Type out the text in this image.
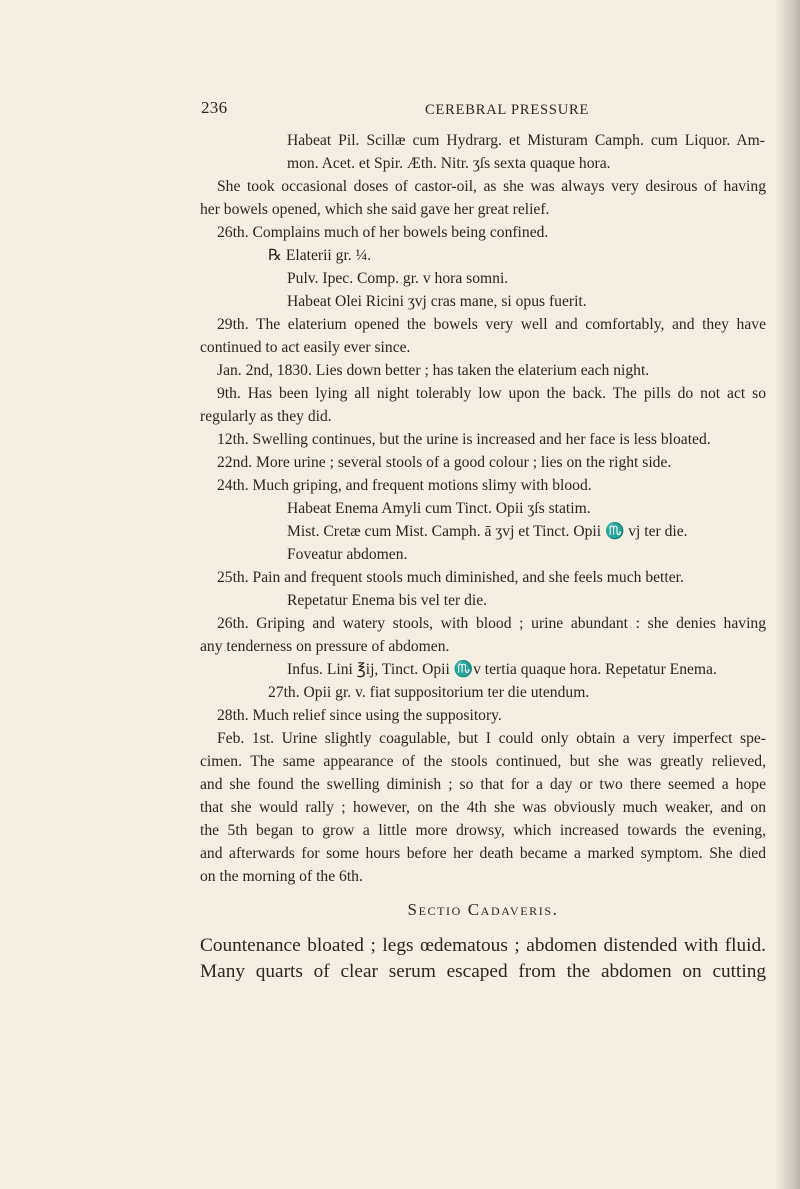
236	CEREBRAL PRESSURE
Habeat Pil. Scillæ cum Hydrarg. et Misturam Camph. cum Liquor. Am-
mon. Acet. et Spir. Æth. Nitr. ʒſs sexta quaque hora.
She took occasional doses of castor-oil, as she was always very desirous of having
her bowels opened, which she said gave her great relief.
26th. Complains much of her bowels being confined.
℞ Elaterii gr. ¼.
Pulv. Ipec. Comp. gr. v hora somni.
Habeat Olei Ricini ʒvj cras mane, si opus fuerit.
29th. The elaterium opened the bowels very well and comfortably, and they have
continued to act easily ever since.
Jan. 2nd, 1830. Lies down better ; has taken the elaterium each night.
9th. Has been lying all night tolerably low upon the back. The pills do not act so
regularly as they did.
12th. Swelling continues, but the urine is increased and her face is less bloated.
22nd. More urine ; several stools of a good colour ; lies on the right side.
24th. Much griping, and frequent motions slimy with blood.
Habeat Enema Amyli cum Tinct. Opii ʒſs statim.
Mist. Cretæ cum Mist. Camph. ā ʒvj et Tinct. Opii ♏ vj ter die.
Foveatur abdomen.
25th. Pain and frequent stools much diminished, and she feels much better.
Repetatur Enema bis vel ter die.
26th. Griping and watery stools, with blood ; urine abundant : she denies having
any tenderness on pressure of abdomen.
Infus. Lini ℥ij, Tinct. Opii ♏v tertia quaque hora. Repetatur Enema.
27th. Opii gr. v. fiat suppositorium ter die utendum.
28th. Much relief since using the suppository.
Feb. 1st. Urine slightly coagulable, but I could only obtain a very imperfect spe-
cimen. The same appearance of the stools continued, but she was greatly relieved,
and she found the swelling diminish ; so that for a day or two there seemed a hope
that she would rally ; however, on the 4th she was obviously much weaker, and on
the 5th began to grow a little more drowsy, which increased towards the evening,
and afterwards for some hours before her death became a marked symptom. She died
on the morning of the 6th.
Sectio Cadaveris.
Countenance bloated ; legs œdematous ; abdomen distended with fluid.
Many quarts of clear serum escaped from the abdomen on cutting
